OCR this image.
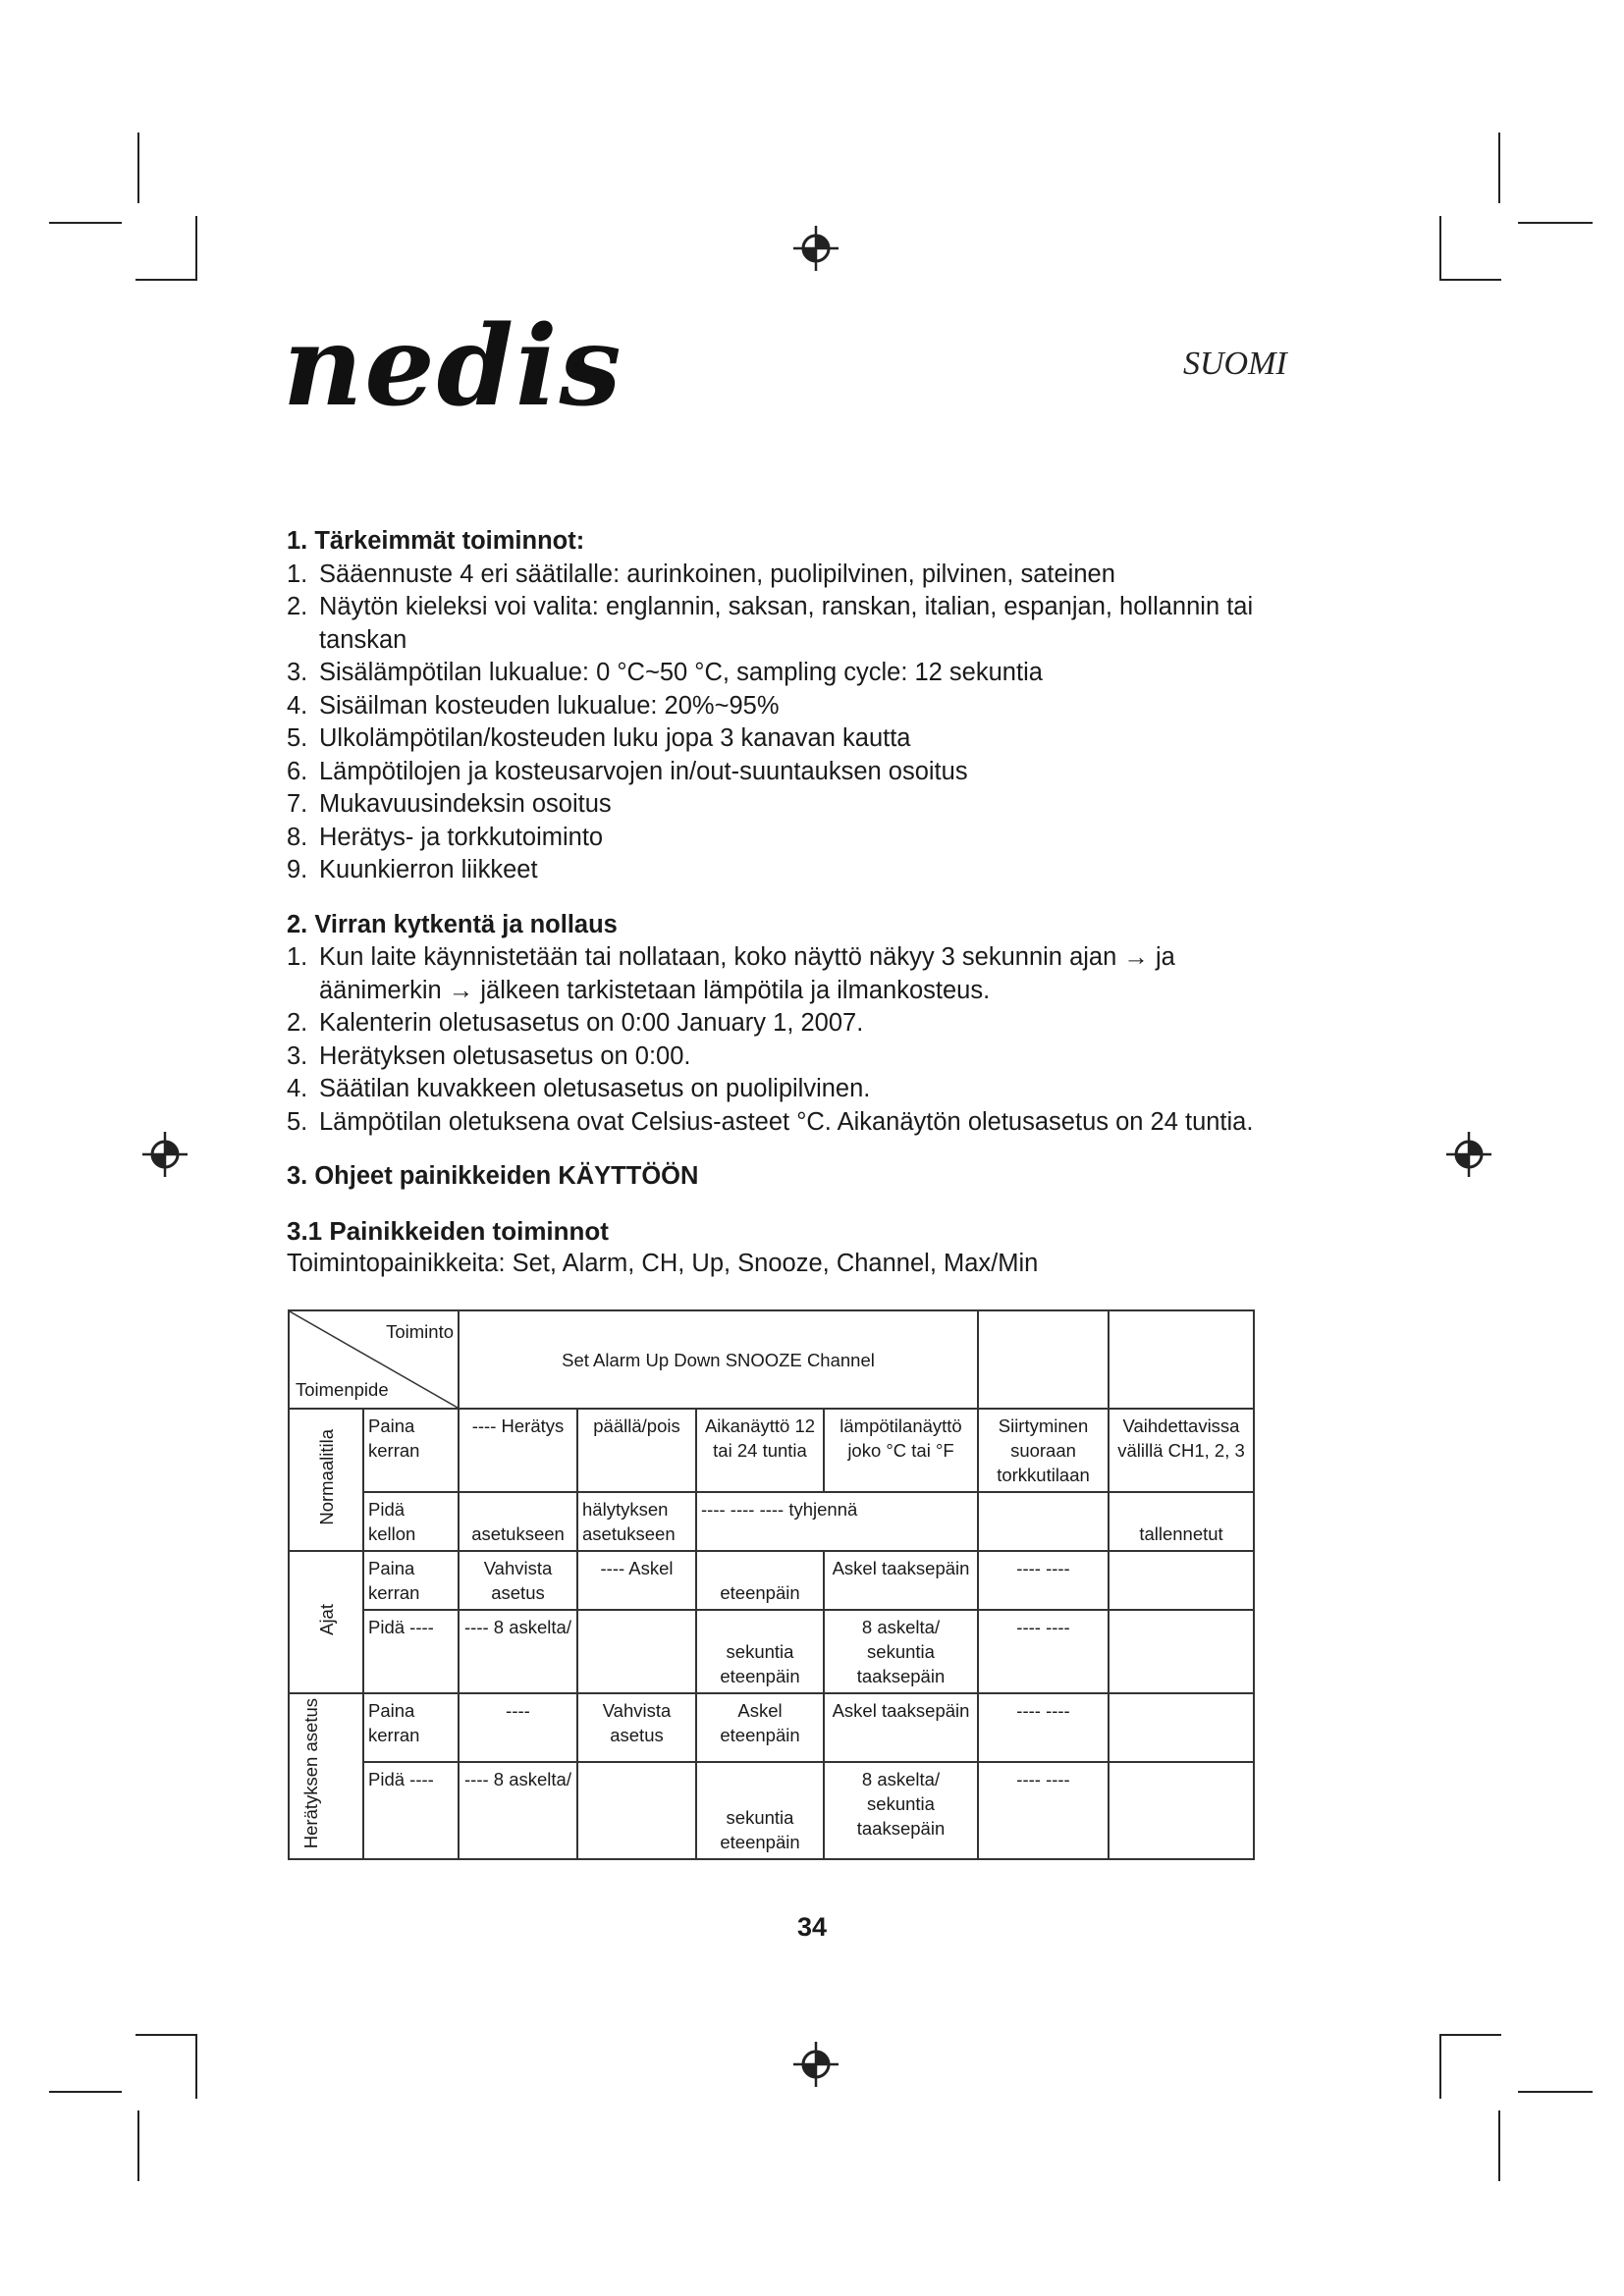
nedis	SUOMI

1. Tärkeimmät toiminnot:

1. Sääennuste 4 eri säätilalle: aurinkoinen, puolipilvinen, pilvinen, sateinen
2. Näytön kieleksi voi valita: englannin, saksan, ranskan, italian, espanjan, hollannin tai tanskan
3. Sisälämpötilan lukualue: 0 °C~50 °C, sampling cycle: 12 sekuntia
4. Sisäilman kosteuden lukualue: 20%~95%
5. Ulkolämpötilan/kosteuden luku jopa 3 kanavan kautta
6. Lämpötilojen ja kosteusarvojen in/out-suuntauksen osoitus
7. Mukavuusindeksin osoitus
8. Herätys- ja torkkutoiminto
9. Kuunkierron liikkeet

2. Virran kytkentä ja nollaus

1. Kun laite käynnistetään tai nollataan, koko näyttö näkyy 3 sekunnin ajan → ja äänimerkin → jälkeen tarkistetaan lämpötila ja ilmankosteus.
2. Kalenterin oletusasetus on 0:00 January 1, 2007.
3. Herätyksen oletusasetus on 0:00.
4. Säätilan kuvakkeen oletusasetus on puolipilvinen.
5. Lämpötilan oletuksena ovat Celsius-asteet °C. Aikanäytön oletusasetus on 24 tuntia.

3. Ohjeet painikkeiden KÄYTTÖÖN

3.1 Painikkeiden toiminnot

Toimintopainikkeita: Set, Alarm, CH, Up, Snooze, Channel, Max/Min

Toiminto
Toimenpide		Set Alarm Up Down SNOOZE Channel					
Normaalitila	Paina kerran	---- Herätys	päällä/pois	Aikanäyttö 12 tai 24 tuntia	lämpötilanäyttö joko °C tai °F	Siirtyminen suoraan torkkutilaan	Vaihdettavissa välillä CH1, 2, 3
	Pidä kellon	asetukseen	hälytyksen asetukseen	---- ---- ---- tyhjennä			tallennetut
Ajat	Paina kerran	Vahvista asetus	---- Askel	eteenpäin	Askel taaksepäin	---- ----	
	Pidä ----	---- 8 askelta/		sekuntia eteenpäin	8 askelta/ sekuntia taaksepäin	---- ----	
Herätyksen asetus	Paina kerran	----	Vahvista asetus	Askel eteenpäin	Askel taaksepäin	---- ----	
	Pidä ----	---- 8 askelta/		sekuntia eteenpäin	8 askelta/ sekuntia taaksepäin	---- ----	
34
